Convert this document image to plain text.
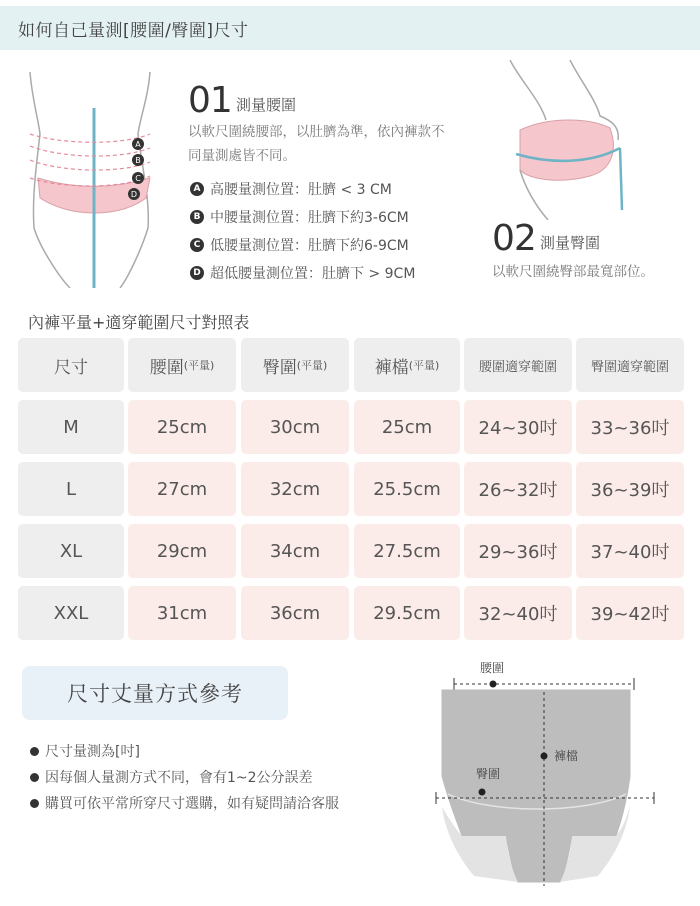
如何自己量測[腰圍/臀圍]尺寸
A
B
C
D
01 測量腰圍
以軟尺圍繞腰部，以肚臍為準，依內褲款不
同量測處皆不同。
A 高腰量測位置：肚臍 < 3 CM
B 中腰量測位置：肚臍下約3-6CM
C 低腰量測位置：肚臍下約6-9CM
D 超低腰量測位置：肚臍下 > 9CM
02 測量臀圍
以軟尺圍繞臀部最寬部位。
內褲平量+適穿範圍尺寸對照表
尺寸	腰圍 (平量)	臀圍 (平量)	褲檔 (平量)	腰圍適穿範圍	臀圍適穿範圍
M	25cm	30cm	25cm	24~30吋	33~36吋
L	27cm	32cm	25.5cm	26~32吋	36~39吋
XL	29cm	34cm	27.5cm	29~36吋	37~40吋
XXL	31cm	36cm	29.5cm	32~40吋	39~42吋
尺寸丈量方式參考
尺寸量測為[吋]
因每個人量測方式不同，會有1~2公分誤差
購買可依平常所穿尺寸選購，如有疑問請洽客服
腰圍
臀圍
褲檔
